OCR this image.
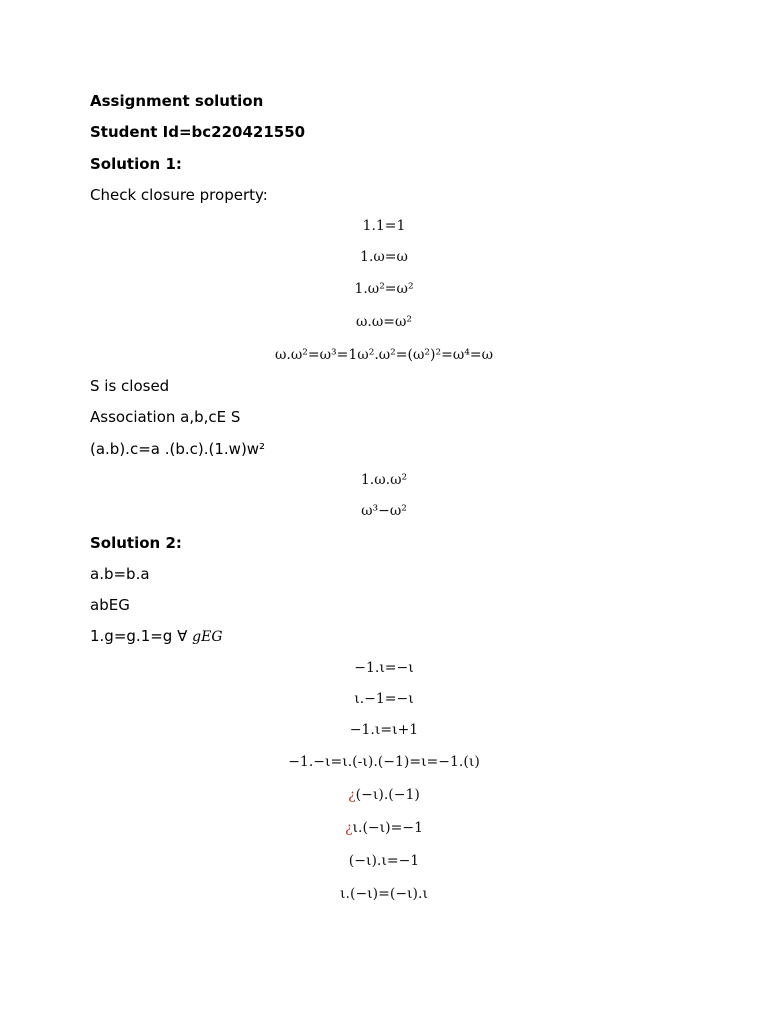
Assignment solution
Student Id=bc220421550
Solution 1:
Check closure property:
1.1=1
1.ω=ω
1.ω²=ω²
ω.ω=ω²
ω.ω²=ω³=1ω².ω²=(ω²)²=ω⁴=ω
S is closed
Association a,b,cE S
(a.b).c=a .(b.c).(1.w)w²
1.ω.ω²
ω³−ω²
Solution 2:
a.b=b.a
abEG
1.g=g.1=g ∀ gEG
−1.ι=−ι
ι.−1=−ι
−1.ι=ι+1
−1.−ι=ι.(-ι).(−1)=ι=−1.(ι)
¿(−ι).(−1)
¿ι.(−ι)=−1
(−ι).ι=−1
ι.(−ι)=(−ι).ι
